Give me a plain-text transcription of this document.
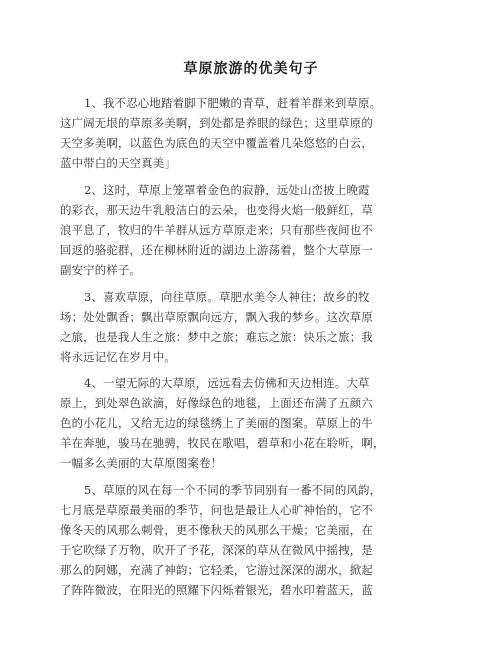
草原旅游的优美句子
1、我不忍心地踏着脚下肥嫩的青草，赶着羊群来到草原。
这广阔无垠的草原多美啊，到处都是养眼的绿色；这里草原的
天空多美啊，以蓝色为底色的天空中覆盖着几朵悠悠的白云，
蓝中带白的天空真美」
2、这时，草原上笼罩着金色的寂静，远处山峦披上晚霞
的彩衣，那天边牛乳般洁白的云朵，也变得火焰一般鲜红，草
浪平息了，牧归的牛羊群从远方草原走来；只有那些夜间也不
回返的骆驼群，还在柳林附近的湖边上游荡着，整个大草原一
副安宁的样子。
3、喜欢草原，向往草原。草肥水美令人神往；故乡的牧
场；处处飘香；飘出草原飘向远方，飘入我的梦乡。这次草原
之旅，也是我人生之旅：梦中之旅；难忘之旅：快乐之旅；我
将永远记忆在岁月中。
4、一望无际的大草原，远远看去仿佛和天边相连。大草
原上，到处翠色欲滴，好像绿色的地毯，上面还布满了五颜六
色的小花儿，又给无边的绿毯绣上了美丽的图案。草原上的牛
羊在奔驰，骏马在驰骋，牧民在歌唱，碧草和小花在聆听，啊，
一幅多么美丽的大草原图案卷！
5、草原的风在每一个不同的季节同别有一番不同的风韵，
七月底是草原最美丽的季节，问也是最让人心旷神怡的，它不
像冬天的风那么刺骨，更不像秋天的风那么干燥；它美丽，在
于它吹绿了万物，吹开了予花，深深的草从在微风中摇拽，是
那么的阿娜，充满了神韵；它轻柔，它游过深深的湖水，掀起
了阵阵微波，在阳光的照耀下闪烁着银光，碧水印着蓝天，蓝
